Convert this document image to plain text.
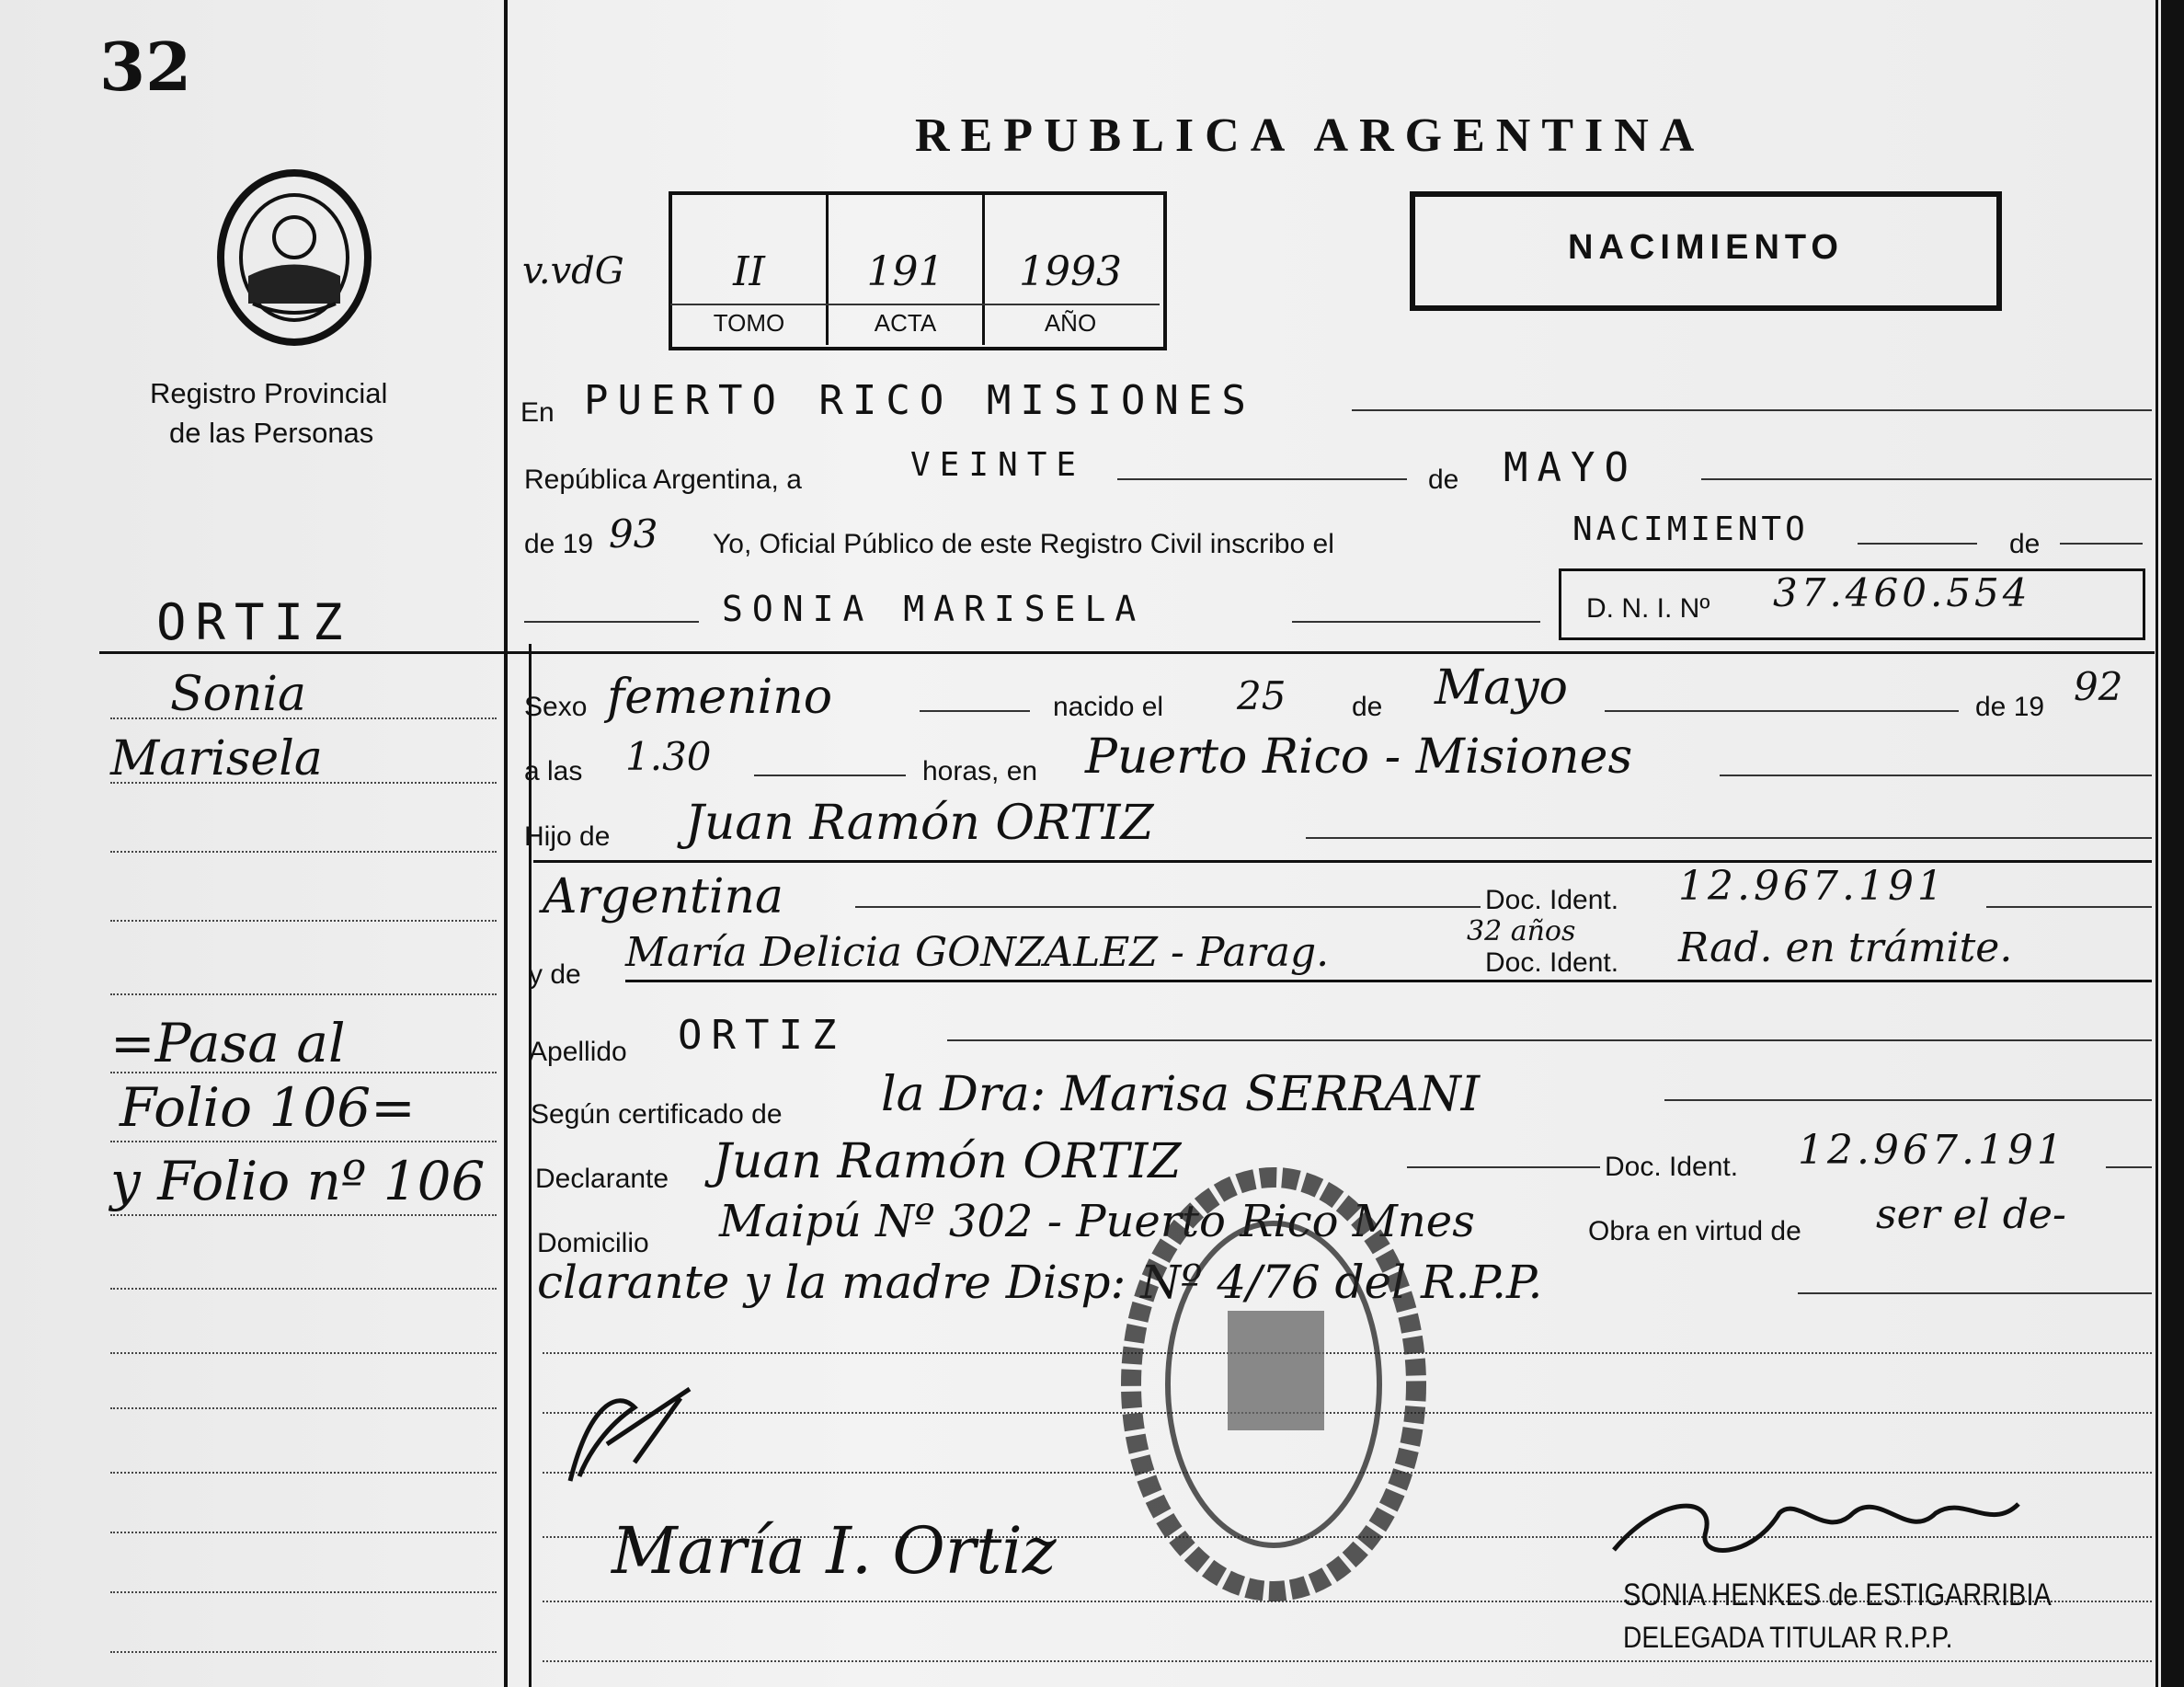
32
Registro Provincial
de las Personas
ORTIZ
Sonia
Marisela
=Pasa al
Folio 106=
y Folio nº 106
REPUBLICA ARGENTINA
v.vdG	II	191	1993
TOMO	ACTA	AÑO
NACIMIENTO
En PUERTO RICO MISIONES
República Argentina, a	VEINTE	de MAYO
de 19 93 Yo, Oficial Público de este Registro Civil inscribo el	NACIMIENTO	de
SONIA MARISELA	D. N. I. Nº 37.460.554
Sexo femenino	nacido el 25 de Mayo	de 19 92
a las 1.30	horas, en Puerto Rico - Misiones
Hijo de Juan Ramón ORTIZ
Argentina	Doc. Ident. 12.967.191
y de María Delicia GONZALEZ - Parag.	32 años
Doc. Ident. Rad. en trámite.
Apellido ORTIZ
Según certificado de la Dra: Marisa SERRANI
Declarante Juan Ramón ORTIZ	Doc. Ident. 12.967.191
Domicilio Maipú Nº 302 - Puerto Rico Mnes	Obra en virtud de ser el de-
clarante y la madre Disp: Nº 4/76 del R.P.P.
María I. Ortiz
SONIA HENKES de ESTIGARRIBIA
DELEGADA TITULAR R.P.P.
